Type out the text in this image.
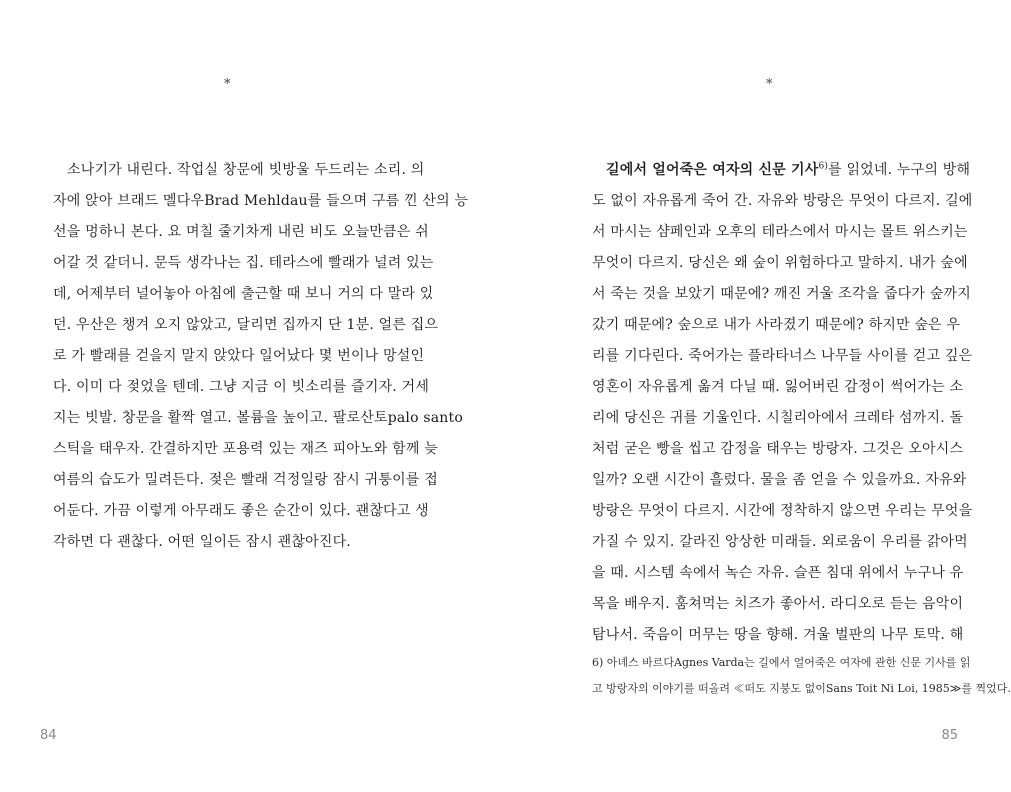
*
소나기가 내린다. 작업실 창문에 빗방울 두드리는 소리. 의
자에 앉아 브래드 멜다우Brad Mehldau를 들으며 구름 낀 산의 능
선을 멍하니 본다. 요 며칠 줄기차게 내린 비도 오늘만큼은 쉬
어갈 것 같더니. 문득 생각나는 집. 테라스에 빨래가 널려 있는
데, 어제부터 널어놓아 아침에 출근할 때 보니 거의 다 말라 있
던. 우산은 챙겨 오지 않았고, 달리면 집까지 단 1분. 얼른 집으
로 가 빨래를 걷을지 말지 앉았다 일어났다 몇 번이나 망설인
다. 이미 다 젖었을 텐데. 그냥 지금 이 빗소리를 즐기자. 거세
지는 빗발. 창문을 활짝 열고. 볼륨을 높이고. 팔로산토palo santo
스틱을 태우자. 간결하지만 포용력 있는 재즈 피아노와 함께 늦
여름의 습도가 밀려든다. 젖은 빨래 걱정일랑 잠시 귀퉁이를 접
어둔다. 가끔 이렇게 아무래도 좋은 순간이 있다. 괜찮다고 생
각하면 다 괜찮다. 어떤 일이든 잠시 괜찮아진다.
84
*
길에서 얼어죽은 여자의 신문 기사$^{6)}$를 읽었네. 누구의 방해
도 없이 자유롭게 죽어 간. 자유와 방랑은 무엇이 다르지. 길에
서 마시는 샴페인과 오후의 테라스에서 마시는 몰트 위스키는
무엇이 다르지. 당신은 왜 숲이 위험하다고 말하지. 내가 숲에
서 죽는 것을 보았기 때문에? 깨진 거울 조각을 줍다가 숲까지
갔기 때문에? 숲으로 내가 사라졌기 때문에? 하지만 숲은 우
리를 기다린다. 죽어가는 플라타너스 나무들 사이를 걷고 깊은
영혼이 자유롭게 옮겨 다닐 때. 잃어버린 감정이 썩어가는 소
리에 당신은 귀를 기울인다. 시칠리아에서 크레타 섬까지. 돌
처럼 굳은 빵을 씹고 감정을 태우는 방랑자. 그것은 오아시스
일까? 오랜 시간이 흘렀다. 물을 좀 얻을 수 있을까요. 자유와
방랑은 무엇이 다르지. 시간에 정착하지 않으면 우리는 무엇을
가질 수 있지. 갈라진 앙상한 미래들. 외로움이 우리를 갉아먹
을 때. 시스템 속에서 녹슨 자유. 슬픈 침대 위에서 누구나 유
목을 배우지. 훔쳐먹는 치즈가 좋아서. 라디오로 듣는 음악이
탐나서. 죽음이 머무는 땅을 향해. 겨울 벌판의 나무 토막. 해
6) 아녜스 바르다Agnes Varda는 길에서 얼어죽은 여자에 관한 신문 기사를 읽
고 방랑자의 이야기를 떠올려 ≪떠도 지붕도 없이Sans Toit Ni Loi, 1985≫를 찍었다.
85
